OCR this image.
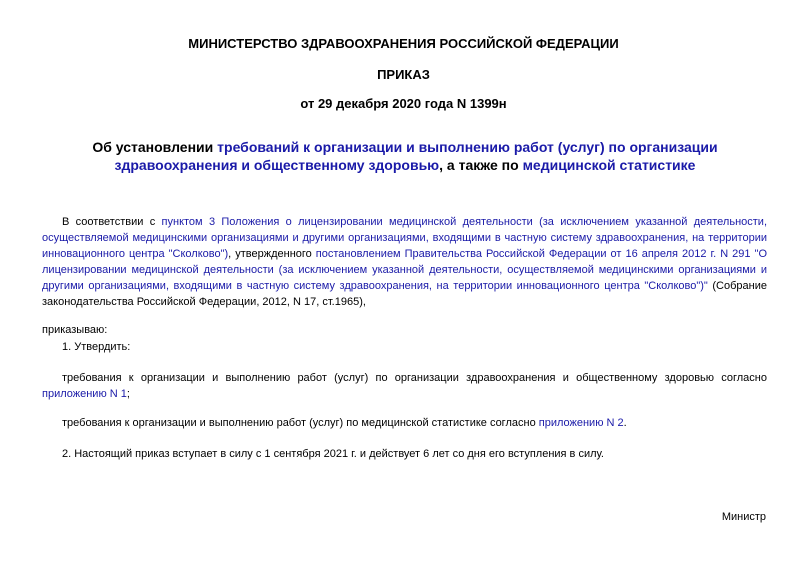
МИНИСТЕРСТВО ЗДРАВООХРАНЕНИЯ РОССИЙСКОЙ ФЕДЕРАЦИИ
ПРИКАЗ
от 29 декабря 2020 года N 1399н
Об установлении требований к организации и выполнению работ (услуг) по организации здравоохранения и общественному здоровью, а также по медицинской статистике
В соответствии с пунктом 3 Положения о лицензировании медицинской деятельности (за исключением указанной деятельности, осуществляемой медицинскими организациями и другими организациями, входящими в частную систему здравоохранения, на территории инновационного центра "Сколково"), утвержденного постановлением Правительства Российской Федерации от 16 апреля 2012 г. N 291 "О лицензировании медицинской деятельности (за исключением указанной деятельности, осуществляемой медицинскими организациями и другими организациями, входящими в частную систему здравоохранения, на территории инновационного центра "Сколково")" (Собрание законодательства Российской Федерации, 2012, N 17, ст.1965),
приказываю:
1. Утвердить:
требования к организации и выполнению работ (услуг) по организации здравоохранения и общественному здоровью согласно приложению N 1;
требования к организации и выполнению работ (услуг) по медицинской статистике согласно приложению N 2.
2. Настоящий приказ вступает в силу с 1 сентября 2021 г. и действует 6 лет со дня его вступления в силу.
Министр
